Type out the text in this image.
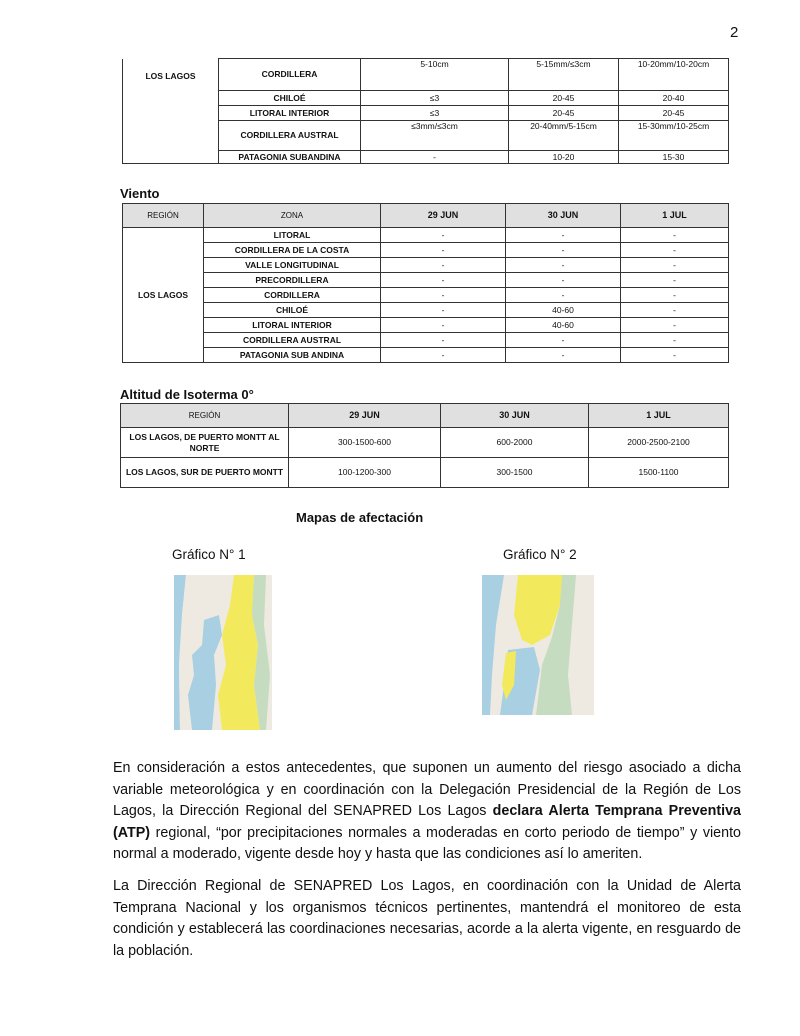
2
LOS LAGOS	CORDILLERA	5-10cm	5-15mm/≤3cm	10-20mm/10-20cm
	CHILOÉ	≤3	20-45	20-40
	LITORAL INTERIOR	≤3	20-45	20-45
	CORDILLERA AUSTRAL	≤3mm/≤3cm	20-40mm/5-15cm	15-30mm/10-25cm
	PATAGONIA SUBANDINA	-	10-20	15-30
Viento
REGIÓN	ZONA	29 JUN	30 JUN	1 JUL
LOS LAGOS	LITORAL	-	-	-
	CORDILLERA DE LA COSTA	-	-	-
	VALLE LONGITUDINAL	-	-	-
	PRECORDILLERA	-	-	-
	CORDILLERA	-	-	-
	CHILOÉ	-	40-60	-
	LITORAL INTERIOR	-	40-60	-
	CORDILLERA AUSTRAL	-	-	-
	PATAGONIA SUB ANDINA	-	-	-
Altitud de Isoterma 0°
REGIÓN	29 JUN	30 JUN	1 JUL
LOS LAGOS, DE PUERTO MONTT AL NORTE	300-1500-600	600-2000	2000-2500-2100
LOS LAGOS, SUR DE PUERTO MONTT	100-1200-300	300-1500	1500-1100
Mapas de afectación
Gráfico N° 1	Gráfico N° 2
En consideración a estos antecedentes, que suponen un aumento del riesgo asociado a dicha variable meteorológica y en coordinación con la Delegación Presidencial de la Región de Los Lagos, la Dirección Regional del SENAPRED Los Lagos declara Alerta Temprana Preventiva (ATP) regional, “por precipitaciones normales a moderadas en corto periodo de tiempo” y viento normal a moderado, vigente desde hoy y hasta que las condiciones así lo ameriten.
La Dirección Regional de SENAPRED Los Lagos, en coordinación con la Unidad de Alerta Temprana Nacional y los organismos técnicos pertinentes, mantendrá el monitoreo de esta condición y establecerá las coordinaciones necesarias, acorde a la alerta vigente, en resguardo de la población.
